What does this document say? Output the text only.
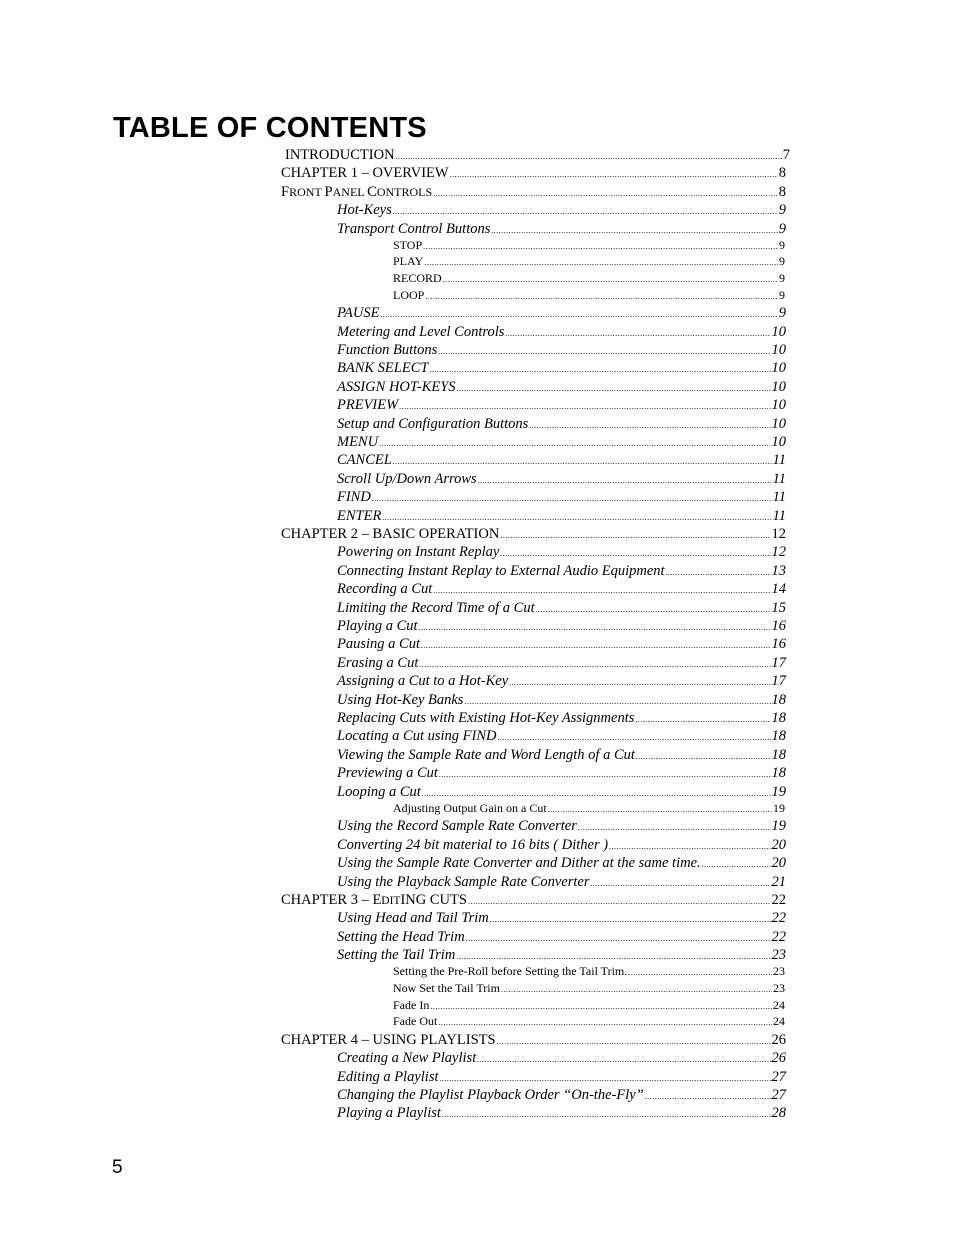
TABLE OF CONTENTS
INTRODUCTION .....	7
CHAPTER 1 – OVERVIEW .....	8
FRONT PANEL CONTROLS .....	8
Hot-Keys .....	9
Transport Control Buttons .....	9
STOP .....	9
PLAY .....	9
RECORD .....	9
LOOP .....	9
PAUSE .....	9
Metering and Level Controls .....	10
Function Buttons .....	10
BANK SELECT .....	10
ASSIGN HOT-KEYS .....	10
PREVIEW .....	10
Setup and Configuration Buttons .....	10
MENU .....	10
CANCEL .....	11
Scroll Up/Down Arrows .....	11
FIND .....	11
ENTER .....	11
CHAPTER 2 – BASIC OPERATION .....	12
Powering on Instant Replay .....	12
Connecting Instant Replay to External Audio Equipment .....	13
Recording a Cut .....	14
Limiting the Record Time of a Cut .....	15
Playing a Cut .....	16
Pausing a Cut .....	16
Erasing a Cut .....	17
Assigning a Cut to a Hot-Key .....	17
Using Hot-Key Banks .....	18
Replacing Cuts with Existing Hot-Key Assignments .....	18
Locating a Cut using FIND .....	18
Viewing the Sample Rate and Word Length of a Cut .....	18
Previewing a Cut .....	18
Looping a Cut .....	19
Adjusting Output Gain on a Cut .....	19
Using the Record Sample Rate Converter .....	19
Converting 24 bit material to 16 bits ( Dither ) .....	20
Using the Sample Rate Converter and Dither at the same time. .....	20
Using the Playback Sample Rate Converter .....	21
CHAPTER 3 – EDITING CUTS .....	22
Using Head and Tail Trim .....	22
Setting the Head Trim .....	22
Setting the Tail Trim .....	23
Setting the Pre-Roll before Setting the Tail Trim. .....	23
Now Set the Tail Trim .....	23
Fade In .....	24
Fade Out .....	24
CHAPTER 4 – USING PLAYLISTS .....	26
Creating a New Playlist .....	26
Editing a Playlist .....	27
Changing the Playlist Playback Order “On-the-Fly” .....	27
Playing a Playlist .....	28
5
